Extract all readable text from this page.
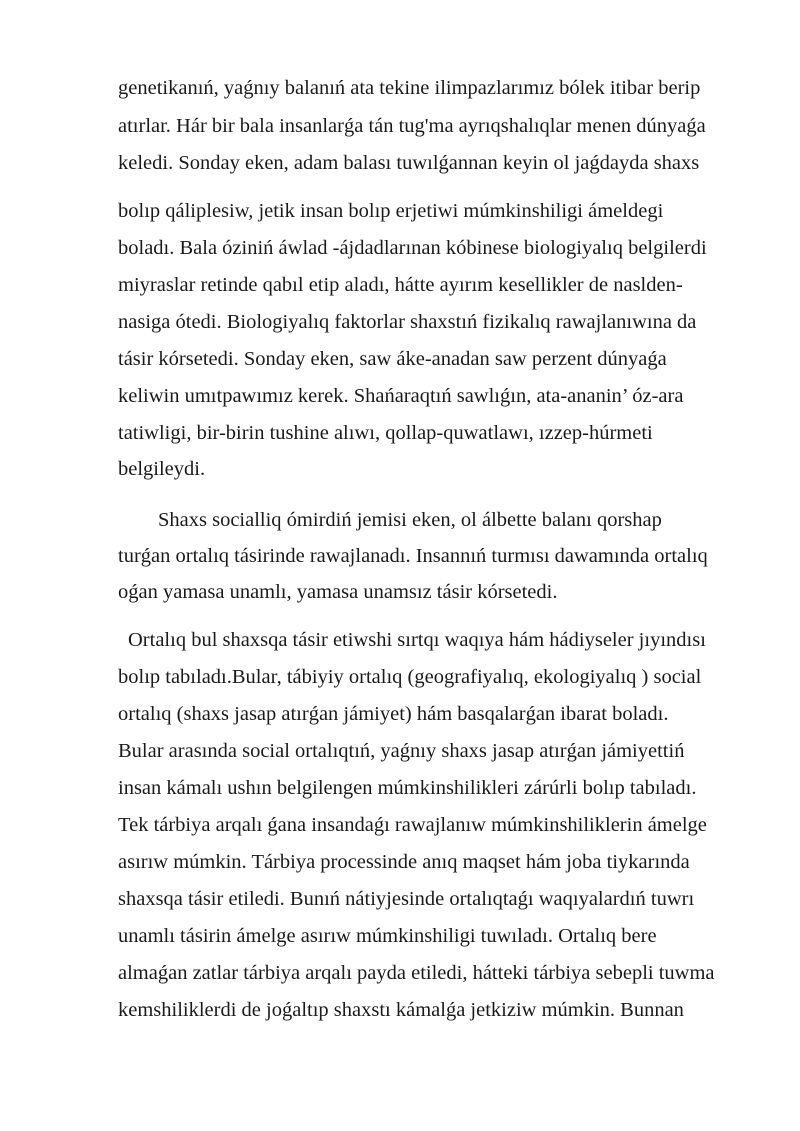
genetikanıń, yaǵnıy balanıń ata tekine ilimpazlarımız bólek itibar berip
atırlar. Hár bir bala insanlarǵa tán tug'ma ayrıqshalıqlar menen dúnyaǵa
keledi. Sonday eken, adam balası tuwılǵannan keyin ol jaǵdayda shaxs
bolıp qáliplesiw, jetik insan bolıp erjetiwi múmkinshiligi ámeldegi
boladı. Bala óziniń áwlad -ájdadlarınan kóbinese biologiyalıq belgilerdi
miyraslar retinde qabıl etip aladı, hátte ayırım kesellikler de naslden-
nasiga ótedi. Biologiyalıq faktorlar shaxstıń fizikalıq rawajlanıwına da
tásir kórsetedi. Sonday eken, saw áke-anadan saw perzent dúnyaǵa
keliwin umıtpawımız kerek. Shańaraqtıń sawlıǵın, ata-ananin’ óz-ara
tatiwligi, bir-birin tushine alıwı, qollap-quwatlawı, ızzep-húrmeti
belgileydi.
Shaxs socialliq ómirdiń jemisi eken, ol álbette balanı qorshap
turǵan ortalıq tásirinde rawajlanadı. Insannıń turmısı dawamında ortalıq
oǵan yamasa unamlı, yamasa unamsız tásir kórsetedi.
Ortalıq bul shaxsqa tásir etiwshi sırtqı waqıya hám hádiyseler jıyındısı
bolıp tabıladı.Bular, tábiyiy ortalıq (geografiyalıq, ekologiyalıq ) social
ortalıq (shaxs jasap atırǵan jámiyet) hám basqalarǵan ibarat boladı.
Bular arasında social ortalıqtıń, yaǵnıy shaxs jasap atırǵan jámiyettiń
insan kámalı ushın belgilengen múmkinshilikleri zárúrli bolıp tabıladı.
Tek tárbiya arqalı ǵana insandaǵı rawajlanıw múmkinshiliklerin ámelge
asırıw múmkin. Tárbiya processinde anıq maqset hám joba tiykarında
shaxsqa tásir etiledi. Bunıń nátiyjesinde ortalıqtaǵı waqıyalardıń tuwrı
unamlı tásirin ámelge asırıw múmkinshiligi tuwıladı. Ortalıq bere
almaǵan zatlar tárbiya arqalı payda etiledi, hátteki tárbiya sebepli tuwma
kemshiliklerdi de joǵaltıp shaxstı kámalǵa jetkiziw múmkin. Bunnan
